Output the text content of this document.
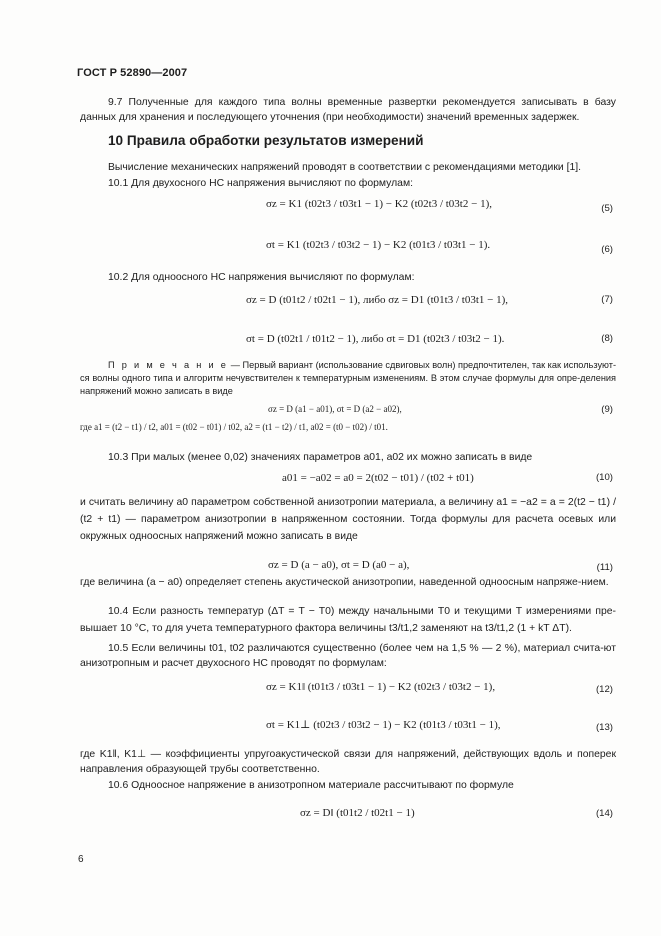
ГОСТ Р 52890—2007
9.7 Полученные для каждого типа волны временные развертки рекомендуется записывать в базу данных для хранения и последующего уточнения (при необходимости) значений временных задержек.
10 Правила обработки результатов измерений
Вычисление механических напряжений проводят в соответствии с рекомендациями методики [1].
10.1 Для двухосного НС напряжения вычисляют по формулам:
σz = K1 (t02t3 / t03t1 − 1) − K2 (t02t3 / t03t2 − 1),	(5)
σt = K1 (t02t3 / t03t2 − 1) − K2 (t01t3 / t03t1 − 1).	(6)
10.2 Для одноосного НС напряжения вычисляют по формулам:
σz = D (t01t2 / t02t1 − 1), либо σz = D1 (t01t3 / t03t1 − 1),	(7)
σt = D (t02t1 / t01t2 − 1), либо σt = D1 (t02t3 / t03t2 − 1).	(8)
П р и м е ч а н и е — Первый вариант (использование сдвиговых волн) предпочтителен, так как используют-ся волны одного типа и алгоритм нечувствителен к температурным изменениям. В этом случае формулы для опре-деления напряжений можно записать в виде
σz = D (a1 − a01), σt = D (a2 − a02),	(9)
где a1 = (t2 − t1) / t2, a01 = (t02 − t01) / t02, a2 = (t1 − t2) / t1, a02 = (t0 − t02) / t01.
10.3 При малых (менее 0,02) значениях параметров a01, a02 их можно записать в виде
a01 = −a02 = a0 = 2(t02 − t01) / (t02 + t01)	(10)
и считать величину a0 параметром собственной анизотропии материала, а величину a1 = −a2 = a = 2(t2 − t1) / (t2 + t1) — параметром анизотропии в напряженном состоянии. Тогда формулы для расчета осевых или окружных одноосных напряжений можно записать в виде
σz = D (a − a0), σt = D (a0 − a),	(11)
где величина (a − a0) определяет степень акустической анизотропии, наведенной одноосным напряже-нием.
10.4 Если разность температур (ΔT = T − T0) между начальными T0 и текущими T измерениями пре-вышает 10 °С, то для учета температурного фактора величины t3/t1,2 заменяют на t3/t1,2 (1 + kT ΔT).
10.5 Если величины t01, t02 различаются существенно (более чем на 1,5 % — 2 %), материал счита-ют анизотропным и расчет двухосного НС проводят по формулам:
σz = K1‖ (t01t3 / t03t1 − 1) − K2 (t02t3 / t03t2 − 1),	(12)
σt = K1⊥ (t02t3 / t03t2 − 1) − K2 (t01t3 / t03t1 − 1),	(13)
где K1‖, K1⊥ — коэффициенты упругоакустической связи для напряжений, действующих вдоль и поперек направления образующей трубы соответственно.
10.6 Одноосное напряжение в анизотропном материале рассчитывают по формуле
σz = D‖ (t01t2 / t02t1 − 1)	(14)
6
